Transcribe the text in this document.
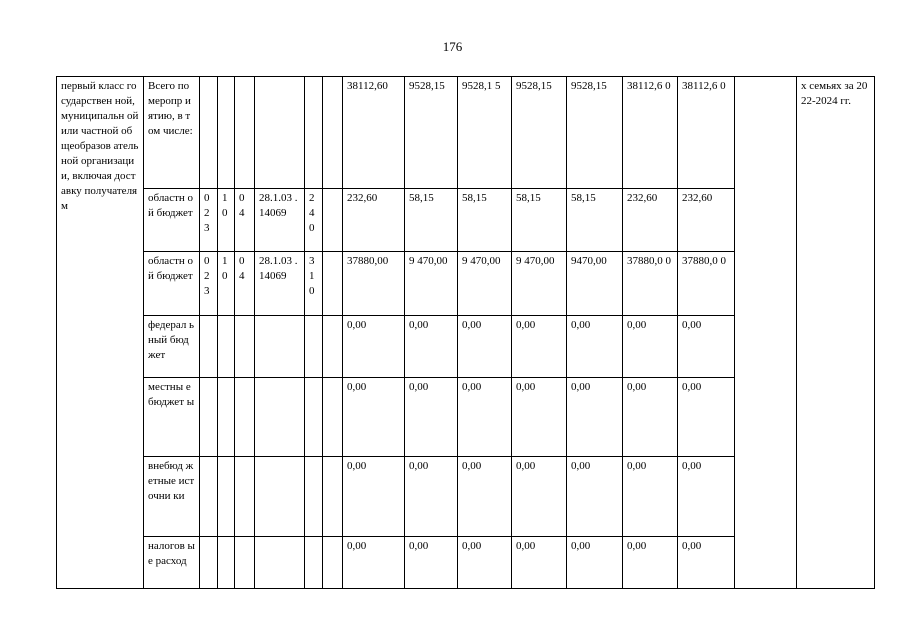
176
первый класс государствен ной, муниципальн ой или частной общеобразов ательной организации, включая доставку получателям	Всего по меропр иятию, в том числе:							38112,60	9528,15	9528,1 5	9528,15	9528,15	38112,6 0	38112,6 0		х семьях за 2022-2024 гг.
	областн ой бюджет	02 3	1 0	0 4	28.1.03 .14069	2 4 0		232,60	58,15	58,15	58,15	58,15	232,60	232,60		
	областн ой бюджет	02 3	1 0	0 4	28.1.03 .14069	3 1 0		37880,00	9 470,00	9 470,00	9 470,00	9470,00	37880,0 0	37880,0 0		
	федерал ьный бюджет							0,00	0,00	0,00	0,00	0,00	0,00	0,00		
	местны е бюджет ы							0,00	0,00	0,00	0,00	0,00	0,00	0,00		
	внебюд жетные источни ки							0,00	0,00	0,00	0,00	0,00	0,00	0,00		
	налогов ые расход							0,00	0,00	0,00	0,00	0,00	0,00	0,00		
